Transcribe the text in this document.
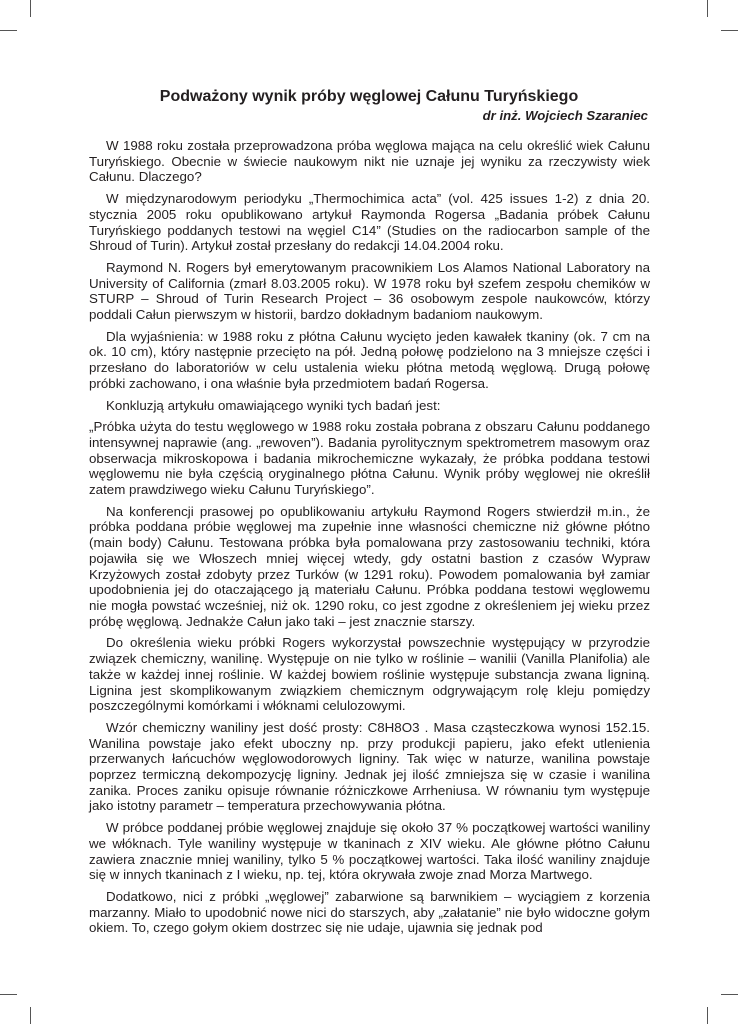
Podważony wynik próby węglowej Całunu Turyńskiego
dr inż. Wojciech Szaraniec

W 1988 roku została przeprowadzona próba węglowa mająca na celu określić wiek Całunu Turyńskiego. Obecnie w świecie naukowym nikt nie uznaje jej wyniku za rzeczywisty wiek Całunu. Dlaczego?

W międzynarodowym periodyku „Thermochimica acta” (vol. 425 issues 1-2) z dnia 20. stycznia 2005 roku opublikowano artykuł Raymonda Rogersa „Badania próbek Całunu Turyńskiego poddanych testowi na węgiel C14” (Studies on the radiocarbon sample of the Shroud of Turin). Artykuł został przesłany do redakcji 14.04.2004 roku.

Raymond N. Rogers był emerytowanym pracownikiem Los Alamos National Laboratory na University of California (zmarł 8.03.2005 roku). W 1978 roku był szefem zespołu chemików w STURP – Shroud of Turin Research Project – 36 osobowym zespole naukowców, którzy poddali Całun pierwszym w historii, bardzo dokładnym badaniom naukowym.

Dla wyjaśnienia: w 1988 roku z płótna Całunu wycięto jeden kawałek tkaniny (ok. 7 cm na ok. 10 cm), który następnie przecięto na pół. Jedną połowę podzielono na 3 mniejsze części i przesłano do laboratoriów w celu ustalenia wieku płótna metodą węglową. Drugą połowę próbki zachowano, i ona właśnie była przedmiotem badań Rogersa.

Konkluzją artykułu omawiającego wyniki tych badań jest:

„Próbka użyta do testu węglowego w 1988 roku została pobrana z obszaru Całunu poddanego intensywnej naprawie (ang. „rewoven”). Badania pyrolitycznym spektrometrem masowym oraz obserwacja mikroskopowa i badania mikrochemiczne wykazały, że próbka poddana testowi węglowemu nie była częścią oryginalnego płótna Całunu. Wynik próby węglowej nie określił zatem prawdziwego wieku Całunu Turyńskiego”.

Na konferencji prasowej po opublikowaniu artykułu Raymond Rogers stwierdził m.in., że próbka poddana próbie węglowej ma zupełnie inne własności chemiczne niż główne płótno (main body) Całunu. Testowana próbka była pomalowana przy zastosowaniu techniki, która pojawiła się we Włoszech mniej więcej wtedy, gdy ostatni bastion z czasów Wypraw Krzyżowych został zdobyty przez Turków (w 1291 roku). Powodem pomalowania był zamiar upodobnienia jej do otaczającego ją materiału Całunu. Próbka poddana testowi węglowemu nie mogła powstać wcześniej, niż ok. 1290 roku, co jest zgodne z określeniem jej wieku przez próbę węglową. Jednakże Całun jako taki – jest znacznie starszy.

Do określenia wieku próbki Rogers wykorzystał powszechnie występujący w przyrodzie związek chemiczny, wanilinę. Występuje on nie tylko w roślinie – wanilii (Vanilla Planifolia) ale także w każdej innej roślinie. W każdej bowiem roślinie występuje substancja zwana ligniną. Lignina jest skomplikowanym związkiem chemicznym odgrywającym rolę kleju pomiędzy poszczególnymi komórkami i włóknami celulozowymi.

Wzór chemiczny waniliny jest dość prosty: C8H8O3 . Masa cząsteczkowa wynosi 152.15. Wanilina powstaje jako efekt uboczny np. przy produkcji papieru, jako efekt utlenienia przerwanych łańcuchów węglowodorowych ligniny. Tak więc w naturze, wanilina powstaje poprzez termiczną dekompozycję ligniny. Jednak jej ilość zmniejsza się w czasie i wanilina zanika. Proces zaniku opisuje równanie różniczkowe Arrheniusa. W równaniu tym występuje jako istotny parametr – temperatura przechowywania płótna.

W próbce poddanej próbie węglowej znajduje się około 37 % początkowej wartości waniliny we włóknach. Tyle waniliny występuje w tkaninach z XIV wieku. Ale główne płótno Całunu zawiera znacznie mniej waniliny, tylko 5 % początkowej wartości. Taka ilość waniliny znajduje się w innych tkaninach z I wieku, np. tej, która okrywała zwoje znad Morza Martwego.

Dodatkowo, nici z próbki „węglowej” zabarwione są barwnikiem – wyciągiem z korzenia marzanny. Miało to upodobnić nowe nici do starszych, aby „załatanie” nie było widoczne gołym okiem. To, czego gołym okiem dostrzec się nie udaje, ujawnia się jednak pod
